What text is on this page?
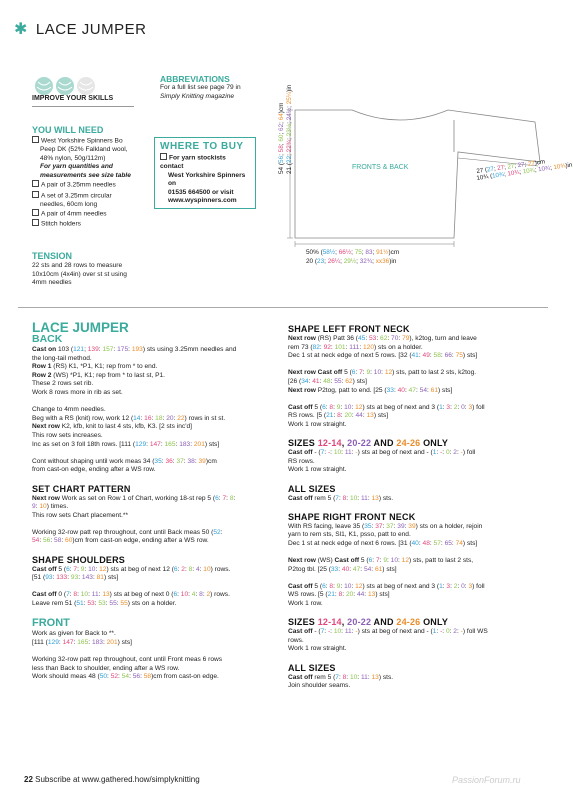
✱ LACE JUMPER
IMPROVE YOUR SKILLS
ABBREVIATIONS
For a full list see page 79 in
Simply Knitting magazine
YOU WILL NEED
West Yorkshire Spinners Bo
Peep DK (52% Falkland wool,
48% nylon, 50g/112m)
For yarn quantities and
measurements see size table
A pair of 3.25mm needles
A set of 3.25mm circular
needles, 60cm long
A pair of 4mm needles
Stitch holders
WHERE TO BUY
For yarn stockists contact
West Yorkshire Spinners on
01535 664500 or visit
www.wyspinners.com
TENSION
22 sts and 28 rows to measure
10x10cm (4x4in) over st st using
4mm needles
FRONTS & BACK
54 (56; 58; 60; 62; 64)cm
21 (22; 22¾; 23½; 24½; 25¼)in
50% (58½; 66½; 75; 83; 91½)cm
20 (23; 26¼; 29½; 32¾; xx36)in
27 (27; 27; 27; 27; 27)cm
10¾ (10¾; 10¾; 10¾; 10¾; 10¾)in
LACE JUMPER
BACK
Cast on 103 (121; 139: 157: 175: 193) sts using 3.25mm needles and
the long-tail method.
Row 1 (RS) K1, *P1, K1; rep from * to end.
Row 2 (WS) *P1, K1; rep from * to last st, P1.
These 2 rows set rib.
Work 8 rows more in rib as set.
Change to 4mm needles.
Beg with a RS (knit) row, work 12 (14: 16: 18: 20: 22) rows in st st.
Next row K2, kfb, knit to last 4 sts, kfb, K3. [2 sts inc'd]
This row sets increases.
Inc as set on 3 foll 18th rows. [111 (129: 147: 165: 183: 201) sts]
Cont without shaping until work meas 34 (35: 36: 37: 38: 39)cm
from cast-on edge, ending after a WS row.
SET CHART PATTERN
Next row Work as set on Row 1 of Chart, working 18-st rep 5 (6: 7: 8:
9: 10) times.
This row sets Chart placement.**
Working 32-row patt rep throughout, cont until Back meas 50 (52:
54: 56: 58: 60)cm from cast-on edge, ending after a WS row.
SHAPE SHOULDERS
Cast off 5 (6: 7: 9: 10: 12) sts at beg of next 12 (6: 2: 8: 4: 10) rows.
[51 (93: 133: 93: 143: 81) sts]
Cast off 0 (7: 8: 10: 11: 13) sts at beg of next 0 (6: 10: 4: 8: 2) rows.
Leave rem 51 (51: 53: 53: 55: 55) sts on a holder.
FRONT
Work as given for Back to **.
[111 (129: 147: 165: 183: 201) sts]
Working 32-row patt rep throughout, cont until Front meas 6 rows
less than Back to shoulder, ending after a WS row.
Work should meas 48 (50: 52: 54: 56: 58)cm from cast-on edge.
SHAPE LEFT FRONT NECK
Next row (RS) Patt 36 (45: 53: 62: 70: 79), k2tog, turn and leave
rem 73 (82: 92: 101: 111: 120) sts on a holder.
Dec 1 st at neck edge of next 5 rows. [32 (41: 49: 58: 66: 75) sts]
Next row Cast off 5 (6: 7: 9: 10: 12) sts, patt to last 2 sts, k2tog.
[26 (34: 41: 48: 55: 62) sts]
Next row P2tog, patt to end. [25 (33: 40: 47: 54: 61) sts]
Cast off 5 (6: 8: 9: 10: 12) sts at beg of next and 3 (1: 3: 2: 0: 3) foll
RS rows. [5 (21: 8: 20: 44: 13) sts]
Work 1 row straight.
SIZES 12-14, 20-22 AND 24-26 ONLY
Cast off - (7: -: 10: 11: -) sts at beg of next and - (1: -: 0: 2: -) foll
RS rows.
Work 1 row straight.
ALL SIZES
Cast off rem 5 (7: 8: 10: 11: 13) sts.
SHAPE RIGHT FRONT NECK
With RS facing, leave 35 (35: 37: 37: 39: 39) sts on a holder, rejoin
yarn to rem sts, Sl1, K1, psso, patt to end.
Dec 1 st at neck edge of next 6 rows. [31 (40: 48: 57: 65: 74) sts]
Next row (WS) Cast off 5 (6: 7: 9: 10: 12) sts, patt to last 2 sts,
P2tog tbl. [25 (33: 40: 47: 54: 61) sts]
Cast off 5 (6: 8: 9: 10: 12) sts at beg of next and 3 (1: 3: 2: 0: 3) foll
WS rows. [5 (21: 8: 20: 44: 13) sts]
Work 1 row.
SIZES 12-14, 20-22 AND 24-26 ONLY
Cast off - (7: -: 10: 11: -) sts at beg of next and - (1: -: 0: 2: -) foll WS
rows.
Work 1 row straight.
ALL SIZES
Cast off rem 5 (7: 8: 10: 11: 13) sts.
Join shoulder seams.
22 Subscribe at www.gathered.how/simplyknitting	PassionForum.ru
